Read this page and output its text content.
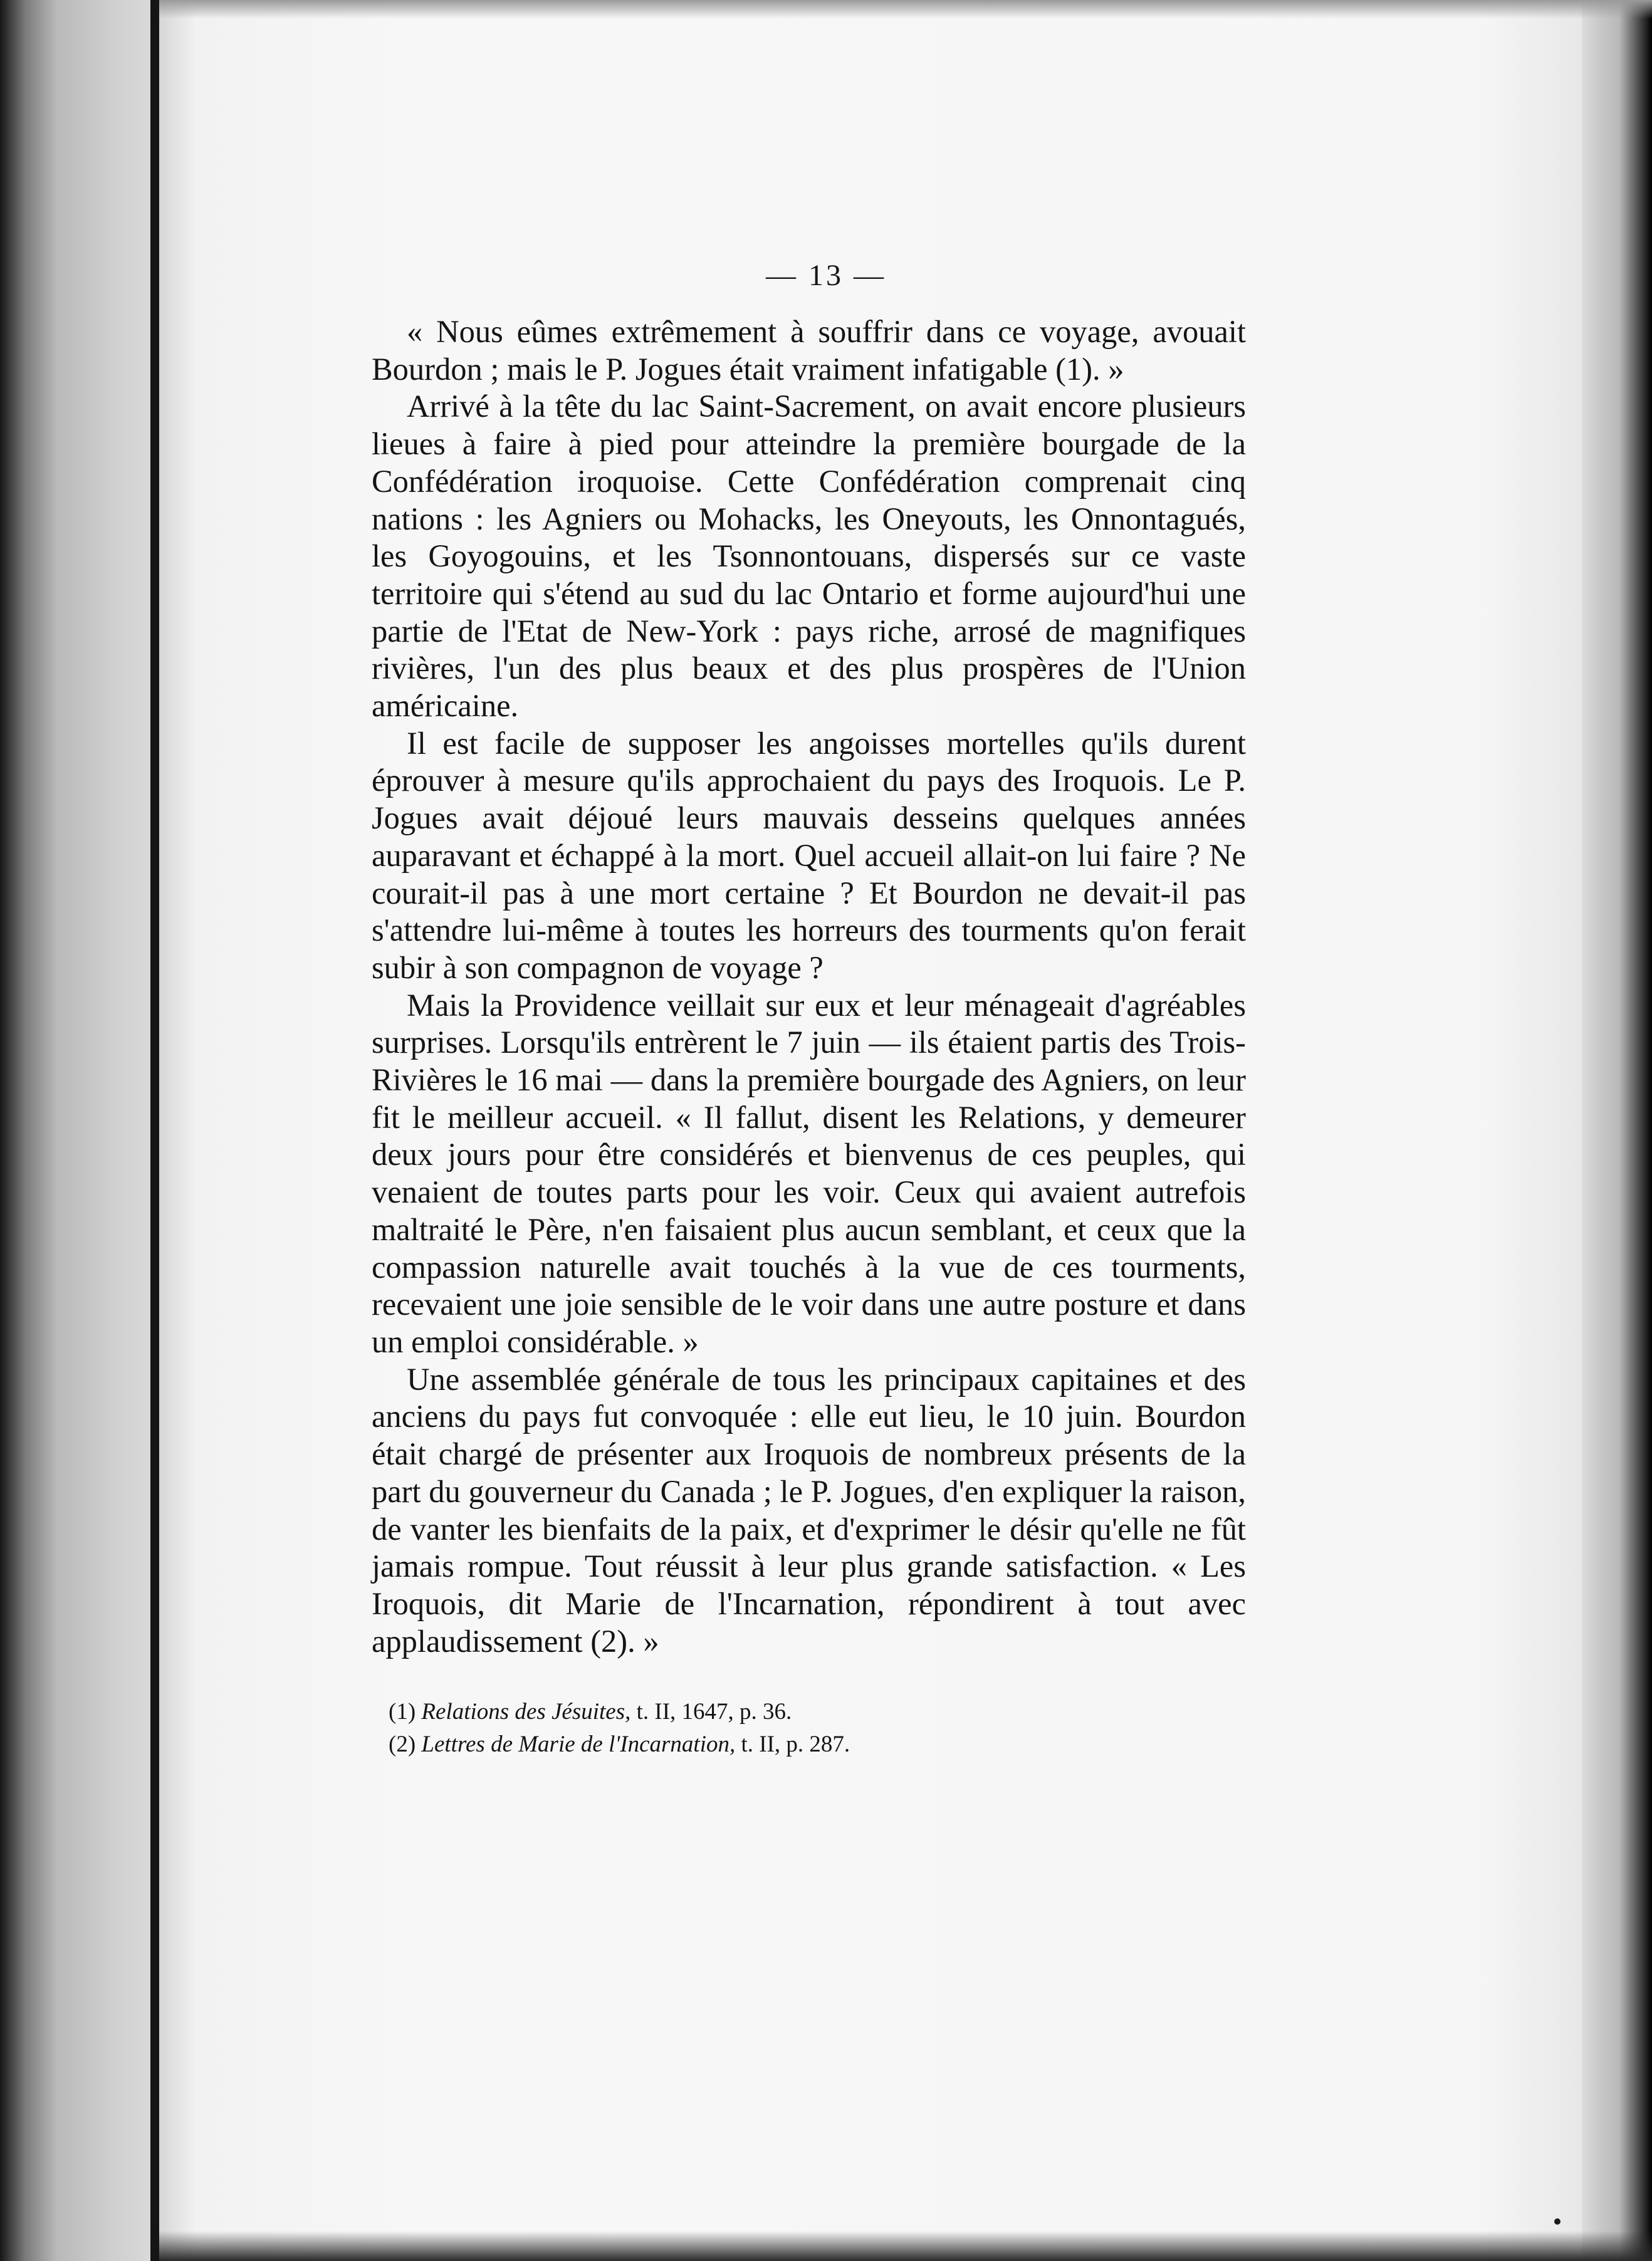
— 13 —

« Nous eûmes extrêmement à souffrir dans ce voyage, avouait Bourdon ; mais le P. Jogues était vraiment infatigable (1). »

Arrivé à la tête du lac Saint-Sacrement, on avait encore plusieurs lieues à faire à pied pour atteindre la première bourgade de la Confédération iroquoise. Cette Confédération comprenait cinq nations : les Agniers ou Mohacks, les Oneyouts, les Onnontagués, les Goyogouins, et les Tsonnontouans, dispersés sur ce vaste territoire qui s'étend au sud du lac Ontario et forme aujourd'hui une partie de l'Etat de New-York : pays riche, arrosé de magnifiques rivières, l'un des plus beaux et des plus prospères de l'Union américaine.

Il est facile de supposer les angoisses mortelles qu'ils durent éprouver à mesure qu'ils approchaient du pays des Iroquois. Le P. Jogues avait déjoué leurs mauvais desseins quelques années auparavant et échappé à la mort. Quel accueil allait-on lui faire ? Ne courait-il pas à une mort certaine ? Et Bourdon ne devait-il pas s'attendre lui-même à toutes les horreurs des tourments qu'on ferait subir à son compagnon de voyage ?

Mais la Providence veillait sur eux et leur ménageait d'agréables surprises. Lorsqu'ils entrèrent le 7 juin — ils étaient partis des Trois-Rivières le 16 mai — dans la première bourgade des Agniers, on leur fit le meilleur accueil. « Il fallut, disent les Relations, y demeurer deux jours pour être considérés et bienvenus de ces peuples, qui venaient de toutes parts pour les voir. Ceux qui avaient autrefois maltraité le Père, n'en faisaient plus aucun semblant, et ceux que la compassion naturelle avait touchés à la vue de ces tourments, recevaient une joie sensible de le voir dans une autre posture et dans un emploi considérable. »

Une assemblée générale de tous les principaux capitaines et des anciens du pays fut convoquée : elle eut lieu, le 10 juin. Bourdon était chargé de présenter aux Iroquois de nombreux présents de la part du gouverneur du Canada ; le P. Jogues, d'en expliquer la raison, de vanter les bienfaits de la paix, et d'exprimer le désir qu'elle ne fût jamais rompue. Tout réussit à leur plus grande satisfaction. « Les Iroquois, dit Marie de l'Incarnation, répondirent à tout avec applaudissement (2). »

(1) Relations des Jésuites, t. II, 1647, p. 36.
(2) Lettres de Marie de l'Incarnation, t. II, p. 287.
